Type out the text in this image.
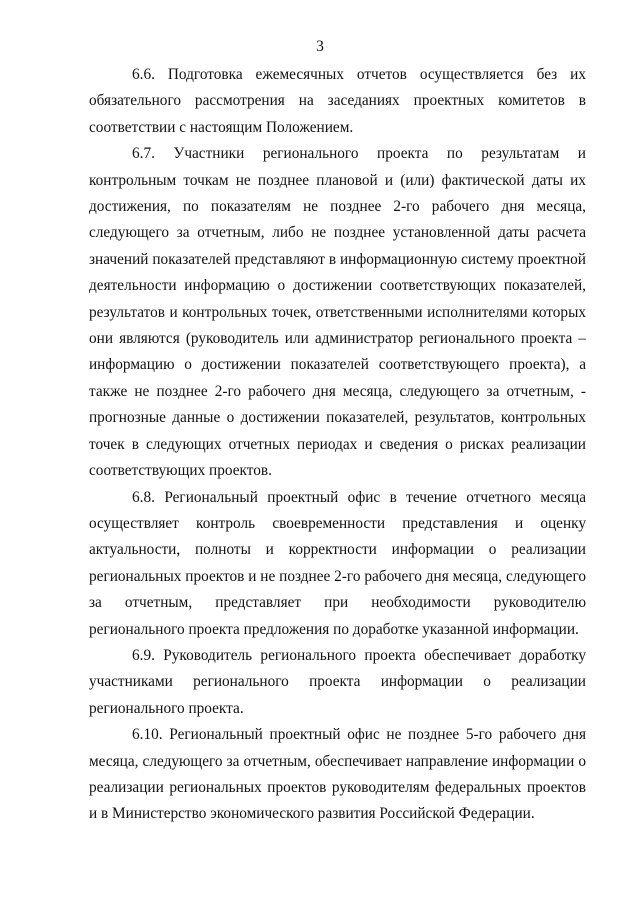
3

6.6. Подготовка ежемесячных отчетов осуществляется без их обязательного рассмотрения на заседаниях проектных комитетов в соответствии с настоящим Положением.

6.7. Участники регионального проекта по результатам и контрольным точкам не позднее плановой и (или) фактической даты их достижения, по показателям не позднее 2-го рабочего дня месяца, следующего за отчетным, либо не позднее установленной даты расчета значений показателей представляют в информационную систему проектной деятельности информацию о достижении соответствующих показателей, результатов и контрольных точек, ответственными исполнителями которых они являются (руководитель или администратор регионального проекта – информацию о достижении показателей соответствующего проекта), а также не позднее 2-го рабочего дня месяца, следующего за отчетным, - прогнозные данные о достижении показателей, результатов, контрольных точек в следующих отчетных периодах и сведения о рисках реализации соответствующих проектов.

6.8. Региональный проектный офис в течение отчетного месяца осуществляет контроль своевременности представления и оценку актуальности, полноты и корректности информации о реализации региональных проектов и не позднее 2-го рабочего дня месяца, следующего за отчетным, представляет при необходимости руководителю регионального проекта предложения по доработке указанной информации.

6.9. Руководитель регионального проекта обеспечивает доработку участниками регионального проекта информации о реализации регионального проекта.

6.10. Региональный проектный офис не позднее 5-го рабочего дня месяца, следующего за отчетным, обеспечивает направление информации о реализации региональных проектов руководителям федеральных проектов и в Министерство экономического развития Российской Федерации.
